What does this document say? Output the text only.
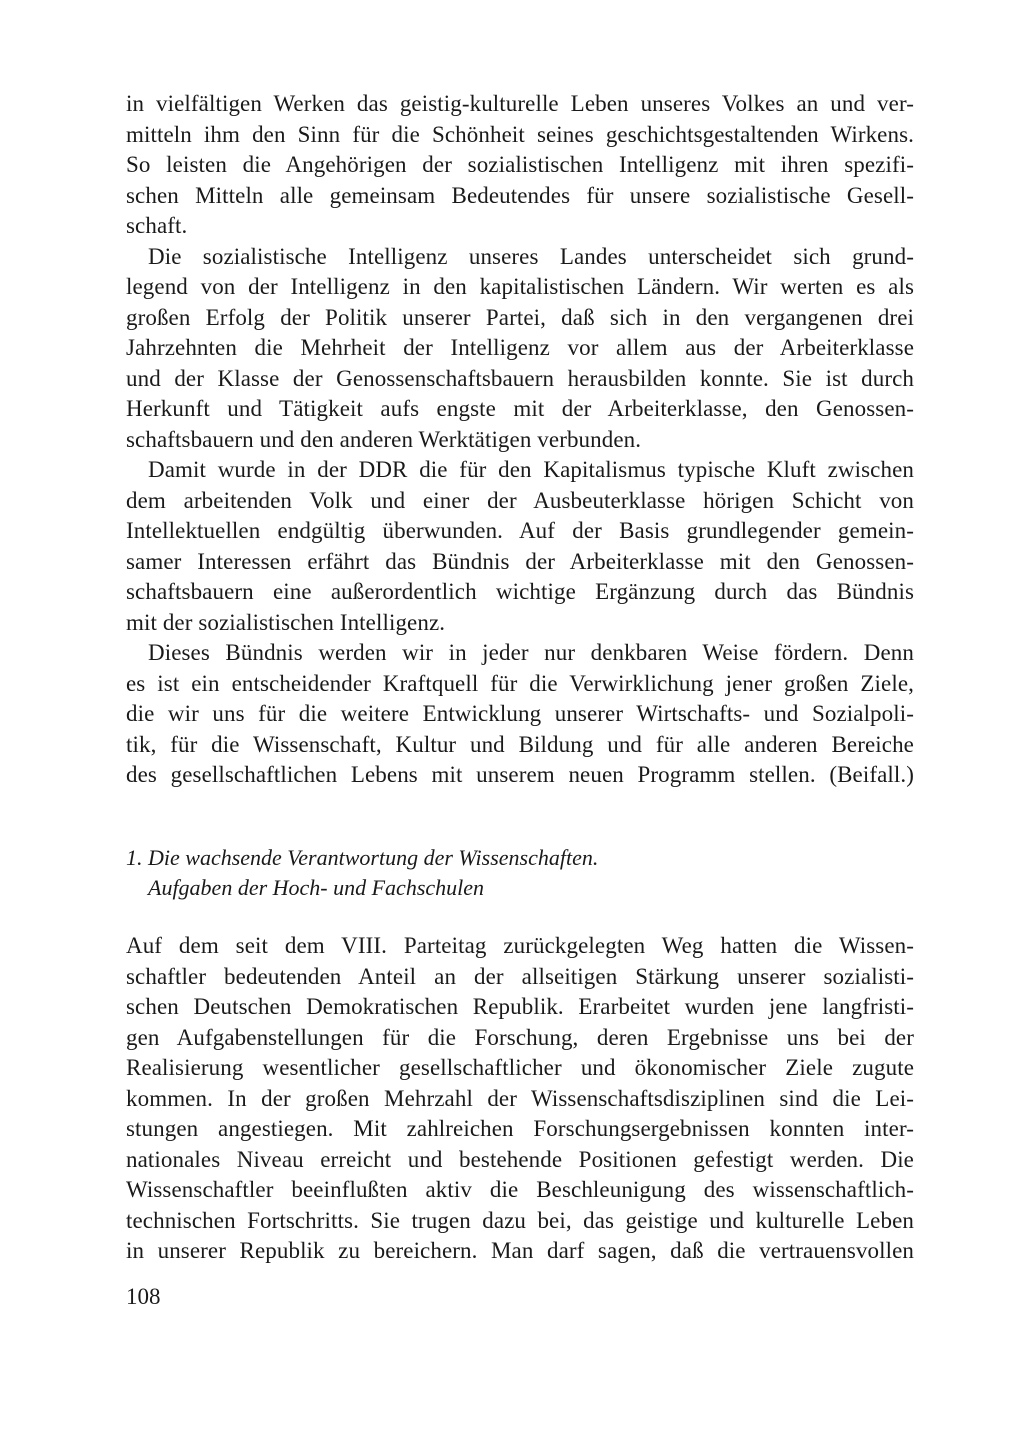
in vielfältigen Werken das geistig-kulturelle Leben unseres Volkes an und ver-
mitteln ihm den Sinn für die Schönheit seines geschichtsgestaltenden Wirkens.
So leisten die Angehörigen der sozialistischen Intelligenz mit ihren spezifi-
schen Mitteln alle gemeinsam Bedeutendes für unsere sozialistische Gesell-
schaft.
Die sozialistische Intelligenz unseres Landes unterscheidet sich grund-
legend von der Intelligenz in den kapitalistischen Ländern. Wir werten es als
großen Erfolg der Politik unserer Partei, daß sich in den vergangenen drei
Jahrzehnten die Mehrheit der Intelligenz vor allem aus der Arbeiterklasse
und der Klasse der Genossenschaftsbauern herausbilden konnte. Sie ist durch
Herkunft und Tätigkeit aufs engste mit der Arbeiterklasse, den Genossen-
schaftsbauern und den anderen Werktätigen verbunden.
Damit wurde in der DDR die für den Kapitalismus typische Kluft zwischen
dem arbeitenden Volk und einer der Ausbeuterklasse hörigen Schicht von
Intellektuellen endgültig überwunden. Auf der Basis grundlegender gemein-
samer Interessen erfährt das Bündnis der Arbeiterklasse mit den Genossen-
schaftsbauern eine außerordentlich wichtige Ergänzung durch das Bündnis
mit der sozialistischen Intelligenz.
Dieses Bündnis werden wir in jeder nur denkbaren Weise fördern. Denn
es ist ein entscheidender Kraftquell für die Verwirklichung jener großen Ziele,
die wir uns für die weitere Entwicklung unserer Wirtschafts- und Sozialpoli-
tik, für die Wissenschaft, Kultur und Bildung und für alle anderen Bereiche
des gesellschaftlichen Lebens mit unserem neuen Programm stellen. (Beifall.)
1. Die wachsende Verantwortung der Wissenschaften.
Aufgaben der Hoch- und Fachschulen
Auf dem seit dem VIII. Parteitag zurückgelegten Weg hatten die Wissen-
schaftler bedeutenden Anteil an der allseitigen Stärkung unserer sozialisti-
schen Deutschen Demokratischen Republik. Erarbeitet wurden jene langfristi-
gen Aufgabenstellungen für die Forschung, deren Ergebnisse uns bei der
Realisierung wesentlicher gesellschaftlicher und ökonomischer Ziele zugute
kommen. In der großen Mehrzahl der Wissenschaftsdisziplinen sind die Lei-
stungen angestiegen. Mit zahlreichen Forschungsergebnissen konnten inter-
nationales Niveau erreicht und bestehende Positionen gefestigt werden. Die
Wissenschaftler beeinflußten aktiv die Beschleunigung des wissenschaftlich-
technischen Fortschritts. Sie trugen dazu bei, das geistige und kulturelle Leben
in unserer Republik zu bereichern. Man darf sagen, daß die vertrauensvollen
108
